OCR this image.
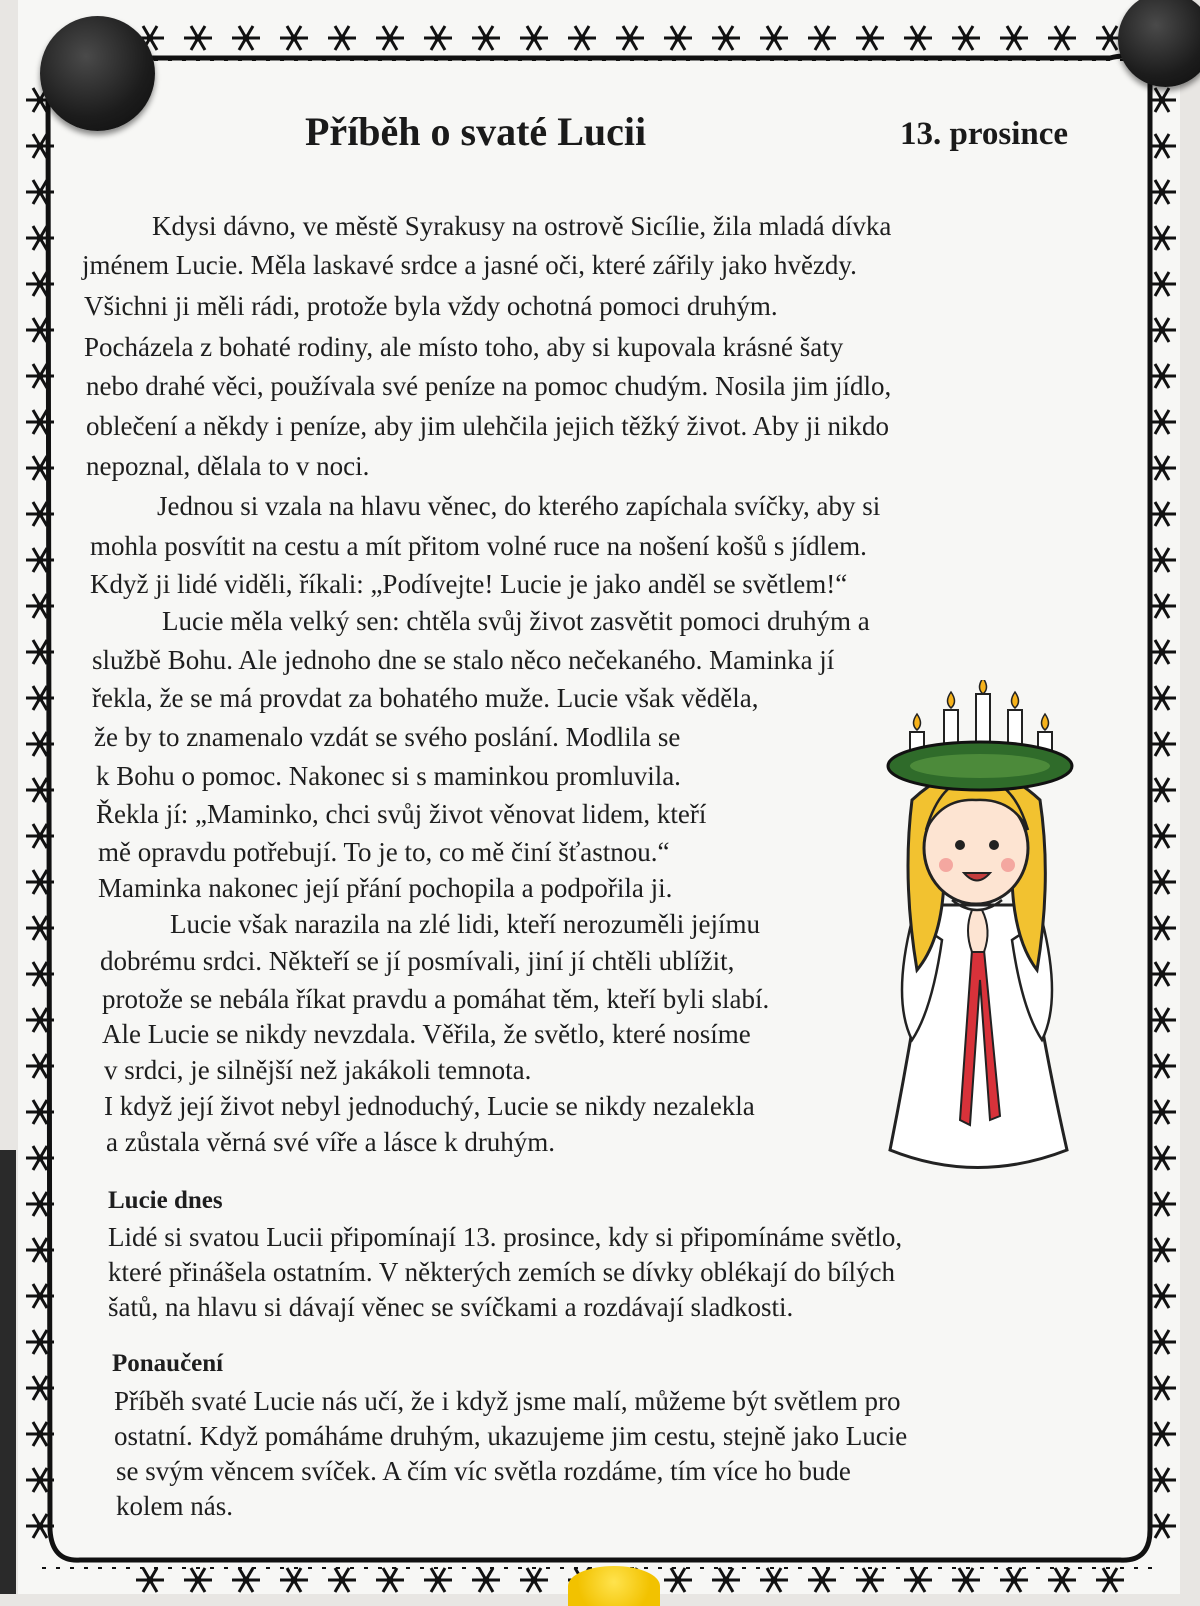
Příběh o svaté Lucii	13. prosince
Kdysi dávno, ve městě Syrakusy na ostrově Sicílie, žila mladá dívka
jménem Lucie. Měla laskavé srdce a jasné oči, které zářily jako hvězdy.
Všichni ji měli rádi, protože byla vždy ochotná pomoci druhým.
Pocházela z bohaté rodiny, ale místo toho, aby si kupovala krásné šaty
nebo drahé věci, používala své peníze na pomoc chudým. Nosila jim jídlo,
oblečení a někdy i peníze, aby jim ulehčila jejich těžký život. Aby ji nikdo
nepoznal, dělala to v noci.
Jednou si vzala na hlavu věnec, do kterého zapíchala svíčky, aby si
mohla posvítit na cestu a mít přitom volné ruce na nošení košů s jídlem.
Když ji lidé viděli, říkali: „Podívejte! Lucie je jako anděl se světlem!“
Lucie měla velký sen: chtěla svůj život zasvětit pomoci druhým a
službě Bohu. Ale jednoho dne se stalo něco nečekaného. Maminka jí
řekla, že se má provdat za bohatého muže. Lucie však věděla,
že by to znamenalo vzdát se svého poslání. Modlila se
k Bohu o pomoc. Nakonec si s maminkou promluvila.
Řekla jí: „Maminko, chci svůj život věnovat lidem, kteří
mě opravdu potřebují. To je to, co mě činí šťastnou.“
Maminka nakonec její přání pochopila a podpořila ji.
Lucie však narazila na zlé lidi, kteří nerozuměli jejímu
dobrému srdci. Někteří se jí posmívali, jiní jí chtěli ublížit,
protože se nebála říkat pravdu a pomáhat těm, kteří byli slabí.
Ale Lucie se nikdy nevzdala. Věřila, že světlo, které nosíme
v srdci, je silnější než jakákoli temnota.
I když její život nebyl jednoduchý, Lucie se nikdy nezalekla
a zůstala věrná své víře a lásce k druhým.
Lucie dnes
Lidé si svatou Lucii připomínají 13. prosince, kdy si připomínáme světlo,
které přinášela ostatním. V některých zemích se dívky oblékají do bílých
šatů, na hlavu si dávají věnec se svíčkami a rozdávají sladkosti.
Ponaučení
Příběh svaté Lucie nás učí, že i když jsme malí, můžeme být světlem pro
ostatní. Když pomáháme druhým, ukazujeme jim cestu, stejně jako Lucie
se svým věncem svíček. A čím víc světla rozdáme, tím více ho bude
kolem nás.
